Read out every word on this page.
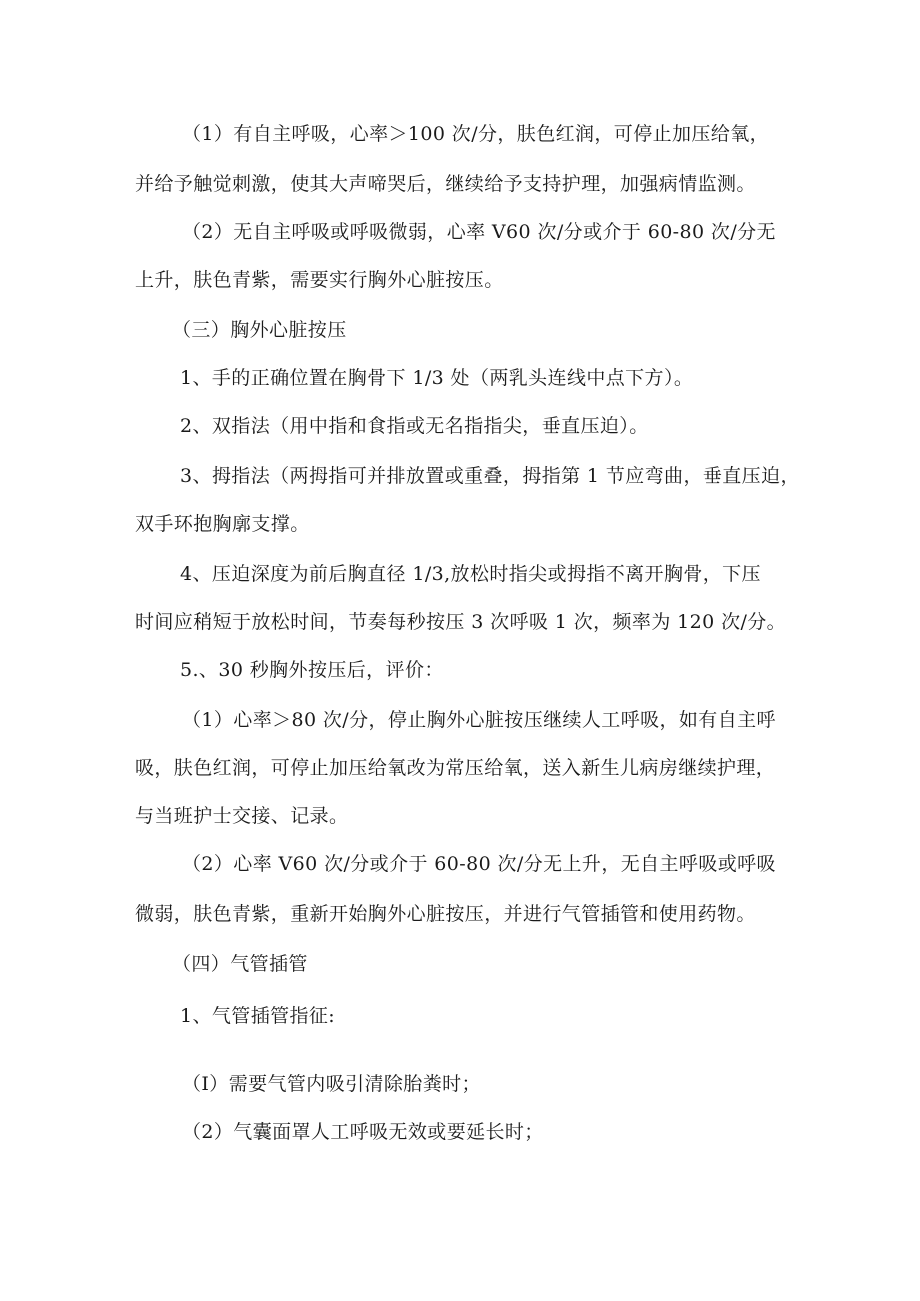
（1）有自主呼吸，心率＞100 次/分，肤色红润，可停止加压给氧，
并给予触觉刺激，使其大声啼哭后，继续给予支持护理，加强病情监测。
（2）无自主呼吸或呼吸微弱，心率 V60 次/分或介于 60-80 次/分无
上升，肤色青紫，需要实行胸外心脏按压。
（三）胸外心脏按压
1、手的正确位置在胸骨下 1/3 处（两乳头连线中点下方）。
2、双指法（用中指和食指或无名指指尖，垂直压迫）。
3、拇指法（两拇指可并排放置或重叠，拇指第 1 节应弯曲，垂直压迫，
双手环抱胸廓支撑。
4、压迫深度为前后胸直径 1/3,放松时指尖或拇指不离开胸骨，下压
时间应稍短于放松时间，节奏每秒按压 3 次呼吸 1 次，频率为 120 次/分。
5.、30 秒胸外按压后，评价：
（1）心率＞80 次/分，停止胸外心脏按压继续人工呼吸，如有自主呼
吸，肤色红润，可停止加压给氧改为常压给氧，送入新生儿病房继续护理，
与当班护士交接、记录。
（2）心率 V60 次/分或介于 60-80 次/分无上升，无自主呼吸或呼吸
微弱，肤色青紫，重新开始胸外心脏按压，并进行气管插管和使用药物。
（四）气管插管
1、气管插管指征:
（I）需要气管内吸引清除胎粪时；
（2）气囊面罩人工呼吸无效或要延长时；
